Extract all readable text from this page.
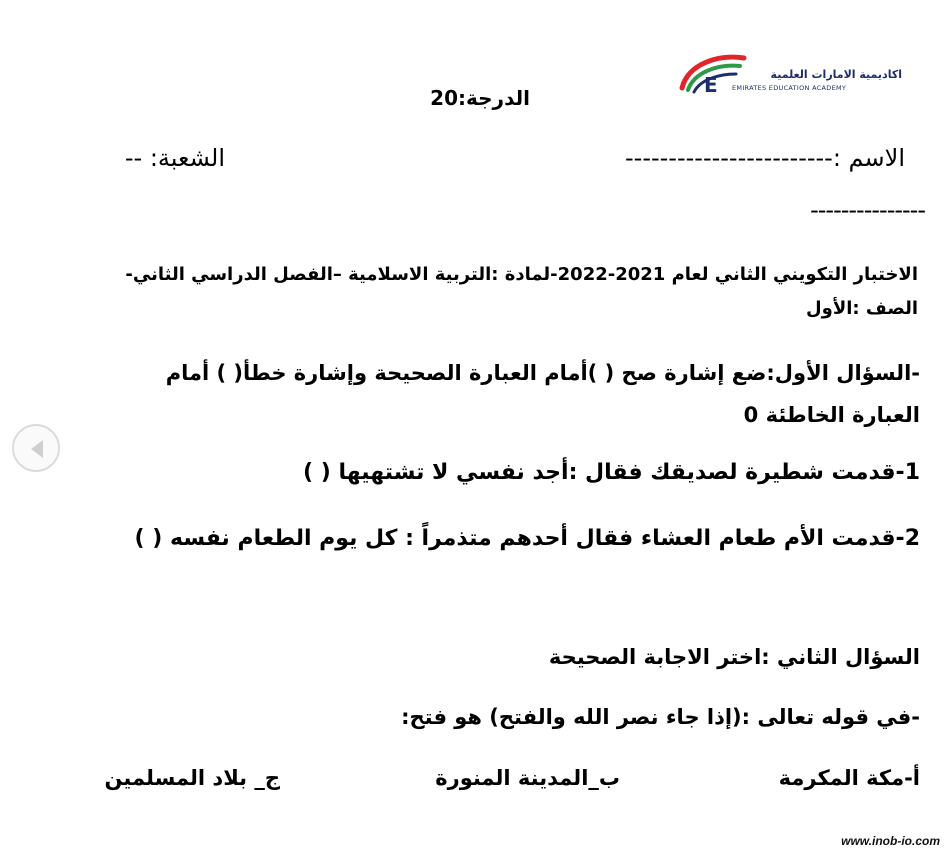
E	اكاديمية الامارات العلمية
EMIRATES EDUCATION ACADEMY
الدرجة:20
الاسم :------------------------
الشعبة: --
---------------
الاختبار التكويني الثاني لعام 2021-2022-لمادة :التربية الاسلامية –الفصل الدراسي الثاني-الصف :الأول
-السؤال الأول:ضع إشارة صح ( )أمام العبارة الصحيحة وإشارة خطأ( ) أمام العبارة الخاطئة 0
1-قدمت شطيرة لصديقك فقال :أجد نفسي لا تشتهيها ( )
2-قدمت الأم طعام العشاء فقال أحدهم متذمراً : كل يوم الطعام نفسه ( )
السؤال الثاني :اختر الاجابة الصحيحة
-في قوله تعالى :(إذا جاء نصر الله والفتح) هو فتح:
أ-مكة المكرمة
ب_المدينة المنورة
ج_ بلاد المسلمين
www.inob-io.com
